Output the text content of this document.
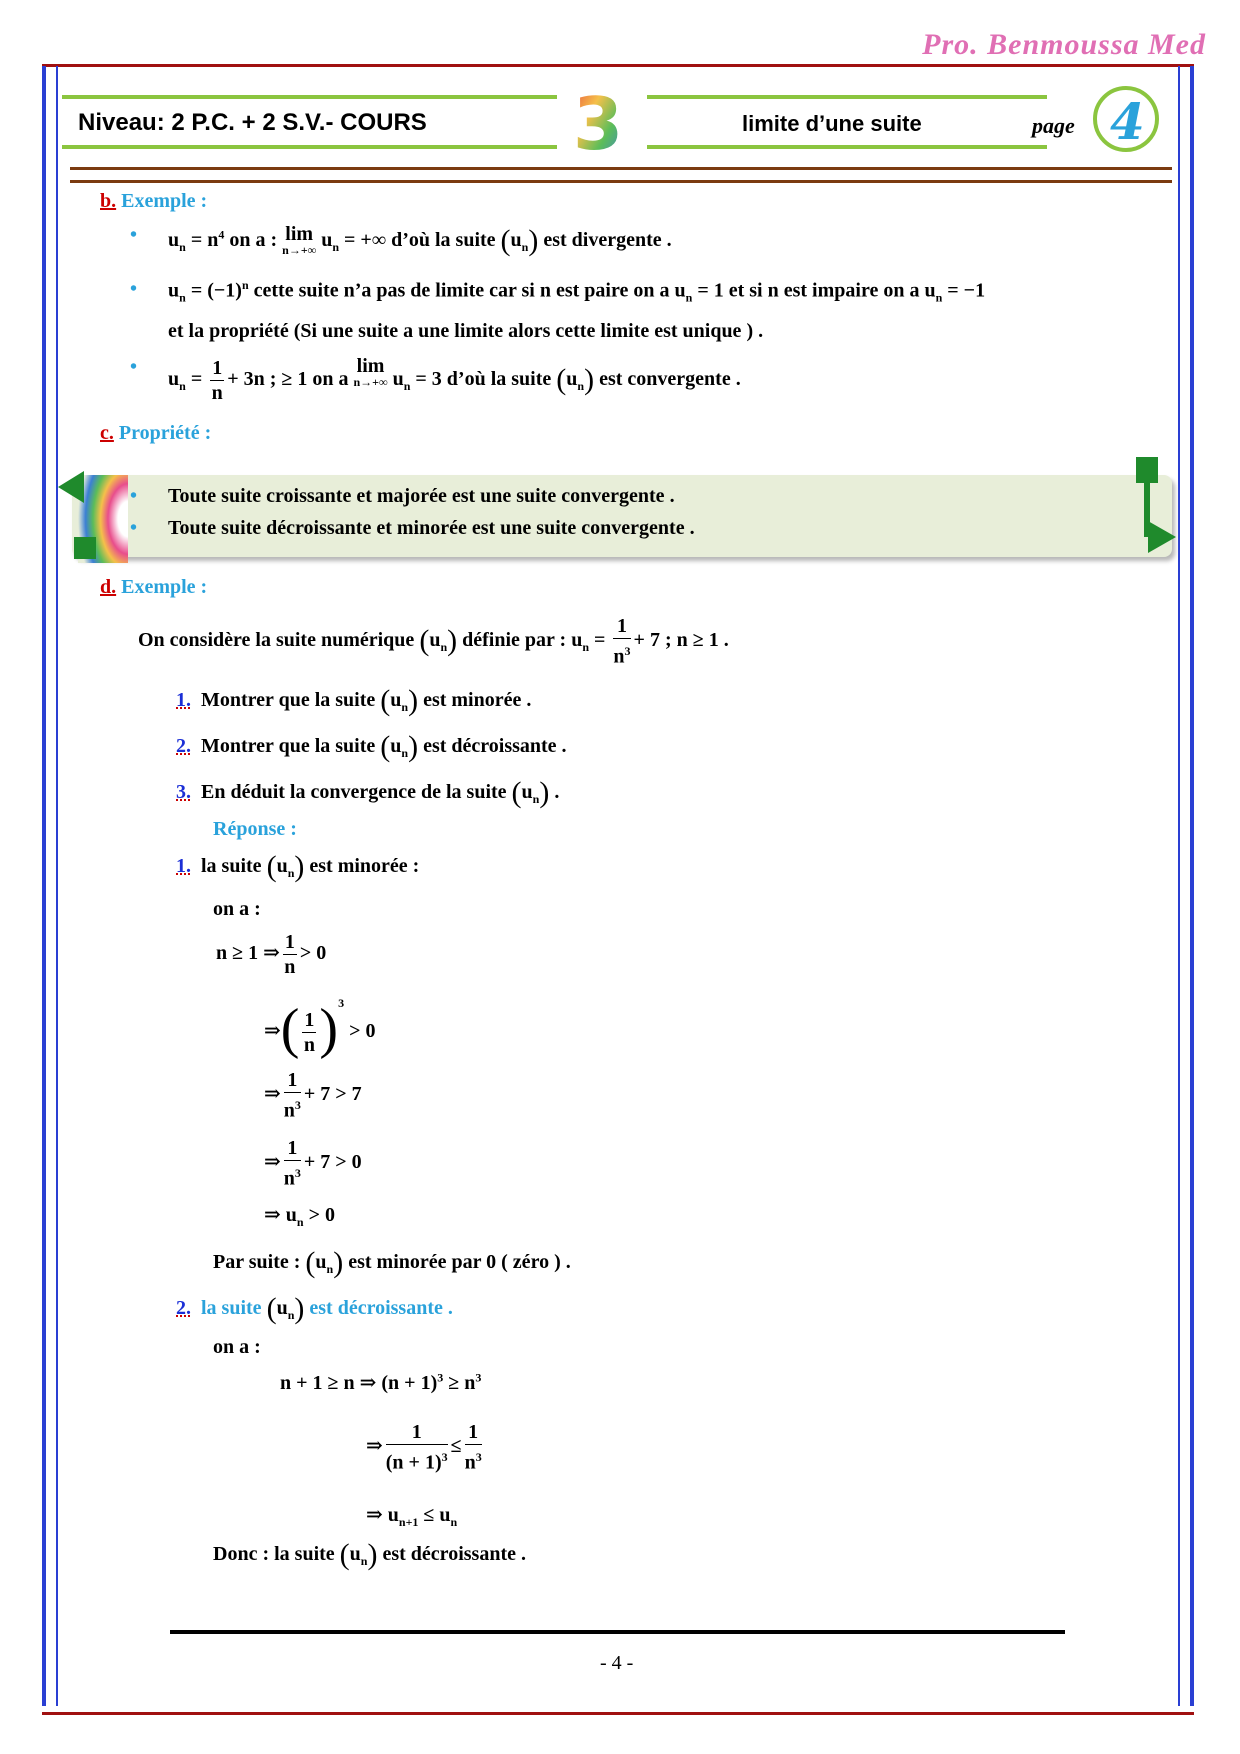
Pro. Benmoussa Med
Niveau: 2 P.C. + 2 S.V.- COURS 3	limite d’une suite	page 4
b. Exemple :
• $u_n = n^4$ on a : lim
n→+∞ $u_n$ = +∞ d’où la suite $(u_n)$ est divergente .
• $u_n = (-1)^n$ cette suite n’a pas de limite car si n est paire on a $u_n = 1$ et si n est impaire on a $u_n = -1$
et la propriété (Si une suite a une limite alors cette limite est unique ) .
• $u_n = \frac{1}{n} + 3n$ ; ≥ 1 on a lim
n→+∞ $u_n = 3$ d’où la suite $(u_n)$ est convergente .
c. Propriété :
• Toute suite croissante et majorée est une suite convergente .
• Toute suite décroissante et minorée est une suite convergente .
d. Exemple :
On considère la suite numérique $(u_n)$ définie par : $u_n = \frac{1}{n^3} + 7$ ; n ≥ 1 .
1. Montrer que la suite $(u_n)$ est minorée .
2. Montrer que la suite $(u_n)$ est décroissante .
3. En déduit la convergence de la suite $(u_n)$ .
Réponse :
1. la suite $(u_n)$ est minorée :
on a :
n ≥ 1 ⇒ $\frac{1}{n} > 0$
⇒( $\frac{1}{n} )^3 > 0$
⇒ $\frac{1}{n^3} + 7 > 7$
⇒ $\frac{1}{n^3} + 7 > 0$
⇒ $u_n > 0$
Par suite : $(u_n)$ est minorée par 0 ( zéro ) .
2. la suite $(u_n)$ est décroissante .
on a :
n + 1 ≥ n ⇒ $(n + 1)^3 \ge n^3$
⇒ $\frac{1}{(n + 1)^3} \le \frac{1}{n^3}$
⇒ $u_{n+1} \le u_n$
Donc : la suite $(u_n)$ est décroissante .
- 4 -
